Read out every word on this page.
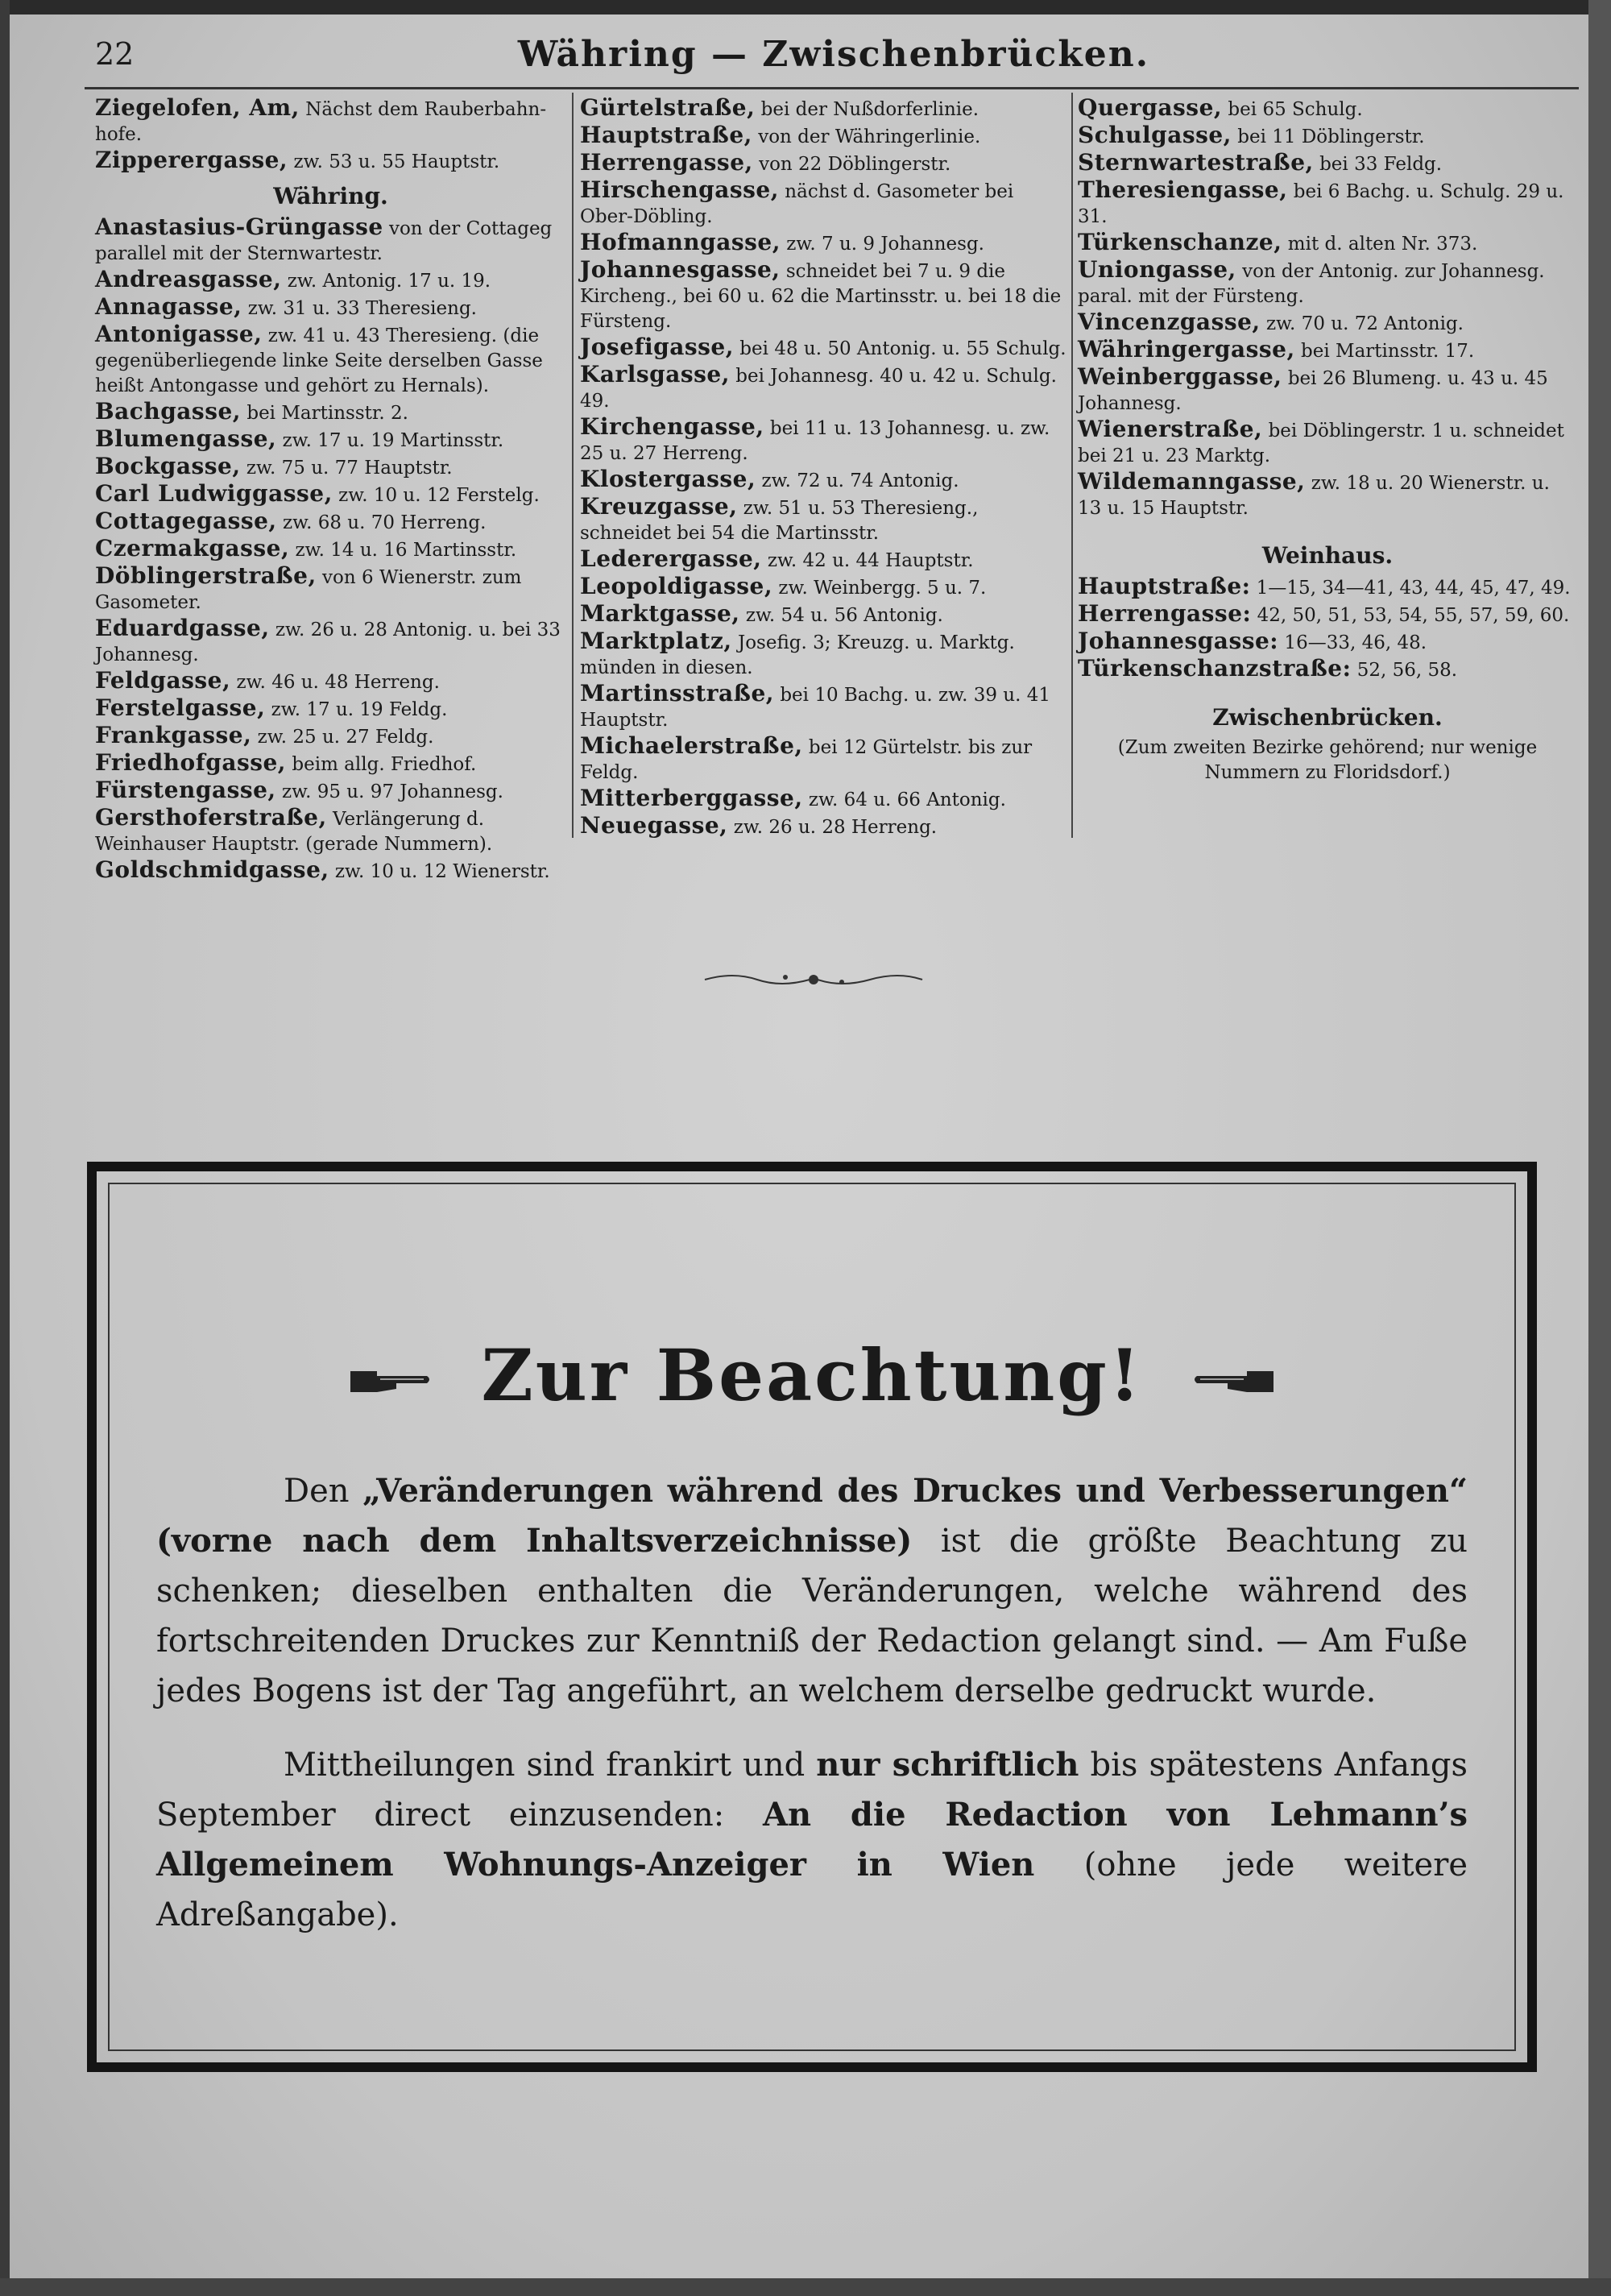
22	Währing — Zwischenbrücken.

Ziegelofen, Am, Nächst dem Rauberbahn-hofe.

Zipperergasse, zw. 53 u. 55 Hauptstr.

Währing.

Anastasius-Grüngasse von der Cottageg parallel mit der Sternwartestr.

Andreasgasse, zw. Antonig. 17 u. 19.

Annagasse, zw. 31 u. 33 Theresieng.

Antonigasse, zw. 41 u. 43 Theresieng. (die gegenüberliegende linke Seite derselben Gasse heißt Antongasse und gehört zu Hernals).

Bachgasse, bei Martinsstr. 2.

Blumengasse, zw. 17 u. 19 Martinsstr.

Bockgasse, zw. 75 u. 77 Hauptstr.

Carl Ludwiggasse, zw. 10 u. 12 Ferstelg.

Cottagegasse, zw. 68 u. 70 Herreng.

Czermakgasse, zw. 14 u. 16 Martinsstr.

Döblingerstraße, von 6 Wienerstr. zum Gasometer.

Eduardgasse, zw. 26 u. 28 Antonig. u. bei 33 Johannesg.

Feldgasse, zw. 46 u. 48 Herreng.

Ferstelgasse, zw. 17 u. 19 Feldg.

Frankgasse, zw. 25 u. 27 Feldg.

Friedhofgasse, beim allg. Friedhof.

Fürstengasse, zw. 95 u. 97 Johannesg.

Gersthoferstraße, Verlängerung d. Weinhauser Hauptstr. (gerade Nummern).

Goldschmidgasse, zw. 10 u. 12 Wienerstr.

Gürtelstraße, bei der Nußdorferlinie.

Hauptstraße, von der Währingerlinie.

Herrengasse, von 22 Döblingerstr.

Hirschengasse, nächst d. Gasometer bei Ober-Döbling.

Hofmanngasse, zw. 7 u. 9 Johannesg.

Johannesgasse, schneidet bei 7 u. 9 die Kircheng., bei 60 u. 62 die Martinsstr. u. bei 18 die Fürsteng.

Josefigasse, bei 48 u. 50 Antonig. u. 55 Schulg.

Karlsgasse, bei Johannesg. 40 u. 42 u. Schulg. 49.

Kirchengasse, bei 11 u. 13 Johannesg. u. zw. 25 u. 27 Herreng.

Klostergasse, zw. 72 u. 74 Antonig.

Kreuzgasse, zw. 51 u. 53 Theresieng., schneidet bei 54 die Martinsstr.

Lederergasse, zw. 42 u. 44 Hauptstr.

Leopoldigasse, zw. Weinbergg. 5 u. 7.

Marktgasse, zw. 54 u. 56 Antonig.

Marktplatz, Josefig. 3; Kreuzg. u. Marktg. münden in diesen.

Martinsstraße, bei 10 Bachg. u. zw. 39 u. 41 Hauptstr.

Michaelerstraße, bei 12 Gürtelstr. bis zur Feldg.

Mitterberggasse, zw. 64 u. 66 Antonig.

Neuegasse, zw. 26 u. 28 Herreng.

Quergasse, bei 65 Schulg.

Schulgasse, bei 11 Döblingerstr.

Sternwartestraße, bei 33 Feldg.

Theresiengasse, bei 6 Bachg. u. Schulg. 29 u. 31.

Türkenschanze, mit d. alten Nr. 373.

Uniongasse, von der Antonig. zur Johannesg. paral. mit der Fürsteng.

Vincenzgasse, zw. 70 u. 72 Antonig.

Währingergasse, bei Martinsstr. 17.

Weinberggasse, bei 26 Blumeng. u. 43 u. 45 Johannesg.

Wienerstraße, bei Döblingerstr. 1 u. schneidet bei 21 u. 23 Marktg.

Wildemanngasse, zw. 18 u. 20 Wienerstr. u. 13 u. 15 Hauptstr.

Weinhaus.

Hauptstraße: 1—15, 34—41, 43, 44, 45, 47, 49.

Herrengasse: 42, 50, 51, 53, 54, 55, 57, 59, 60.

Johannesgasse: 16—33, 46, 48.

Türkenschanzstraße: 52, 56, 58.

Zwischenbrücken.
(Zum zweiten Bezirke gehörend; nur wenige Nummern zu Floridsdorf.)
Zur Beachtung!

Den „Veränderungen während des Druckes und Verbesserungen“ (vorne nach dem Inhaltsverzeichnisse) ist die größte Beachtung zu schenken; dieselben enthalten die Veränderungen, welche während des fortschreitenden Druckes zur Kenntniß der Redaction gelangt sind. — Am Fuße jedes Bogens ist der Tag angeführt, an welchem derselbe gedruckt wurde.

Mittheilungen sind frankirt und nur schriftlich bis spätestens Anfangs September direct einzusenden: An die Redaction von Lehmann’s Allgemeinem Wohnungs-Anzeiger in Wien (ohne jede weitere Adreßangabe).
